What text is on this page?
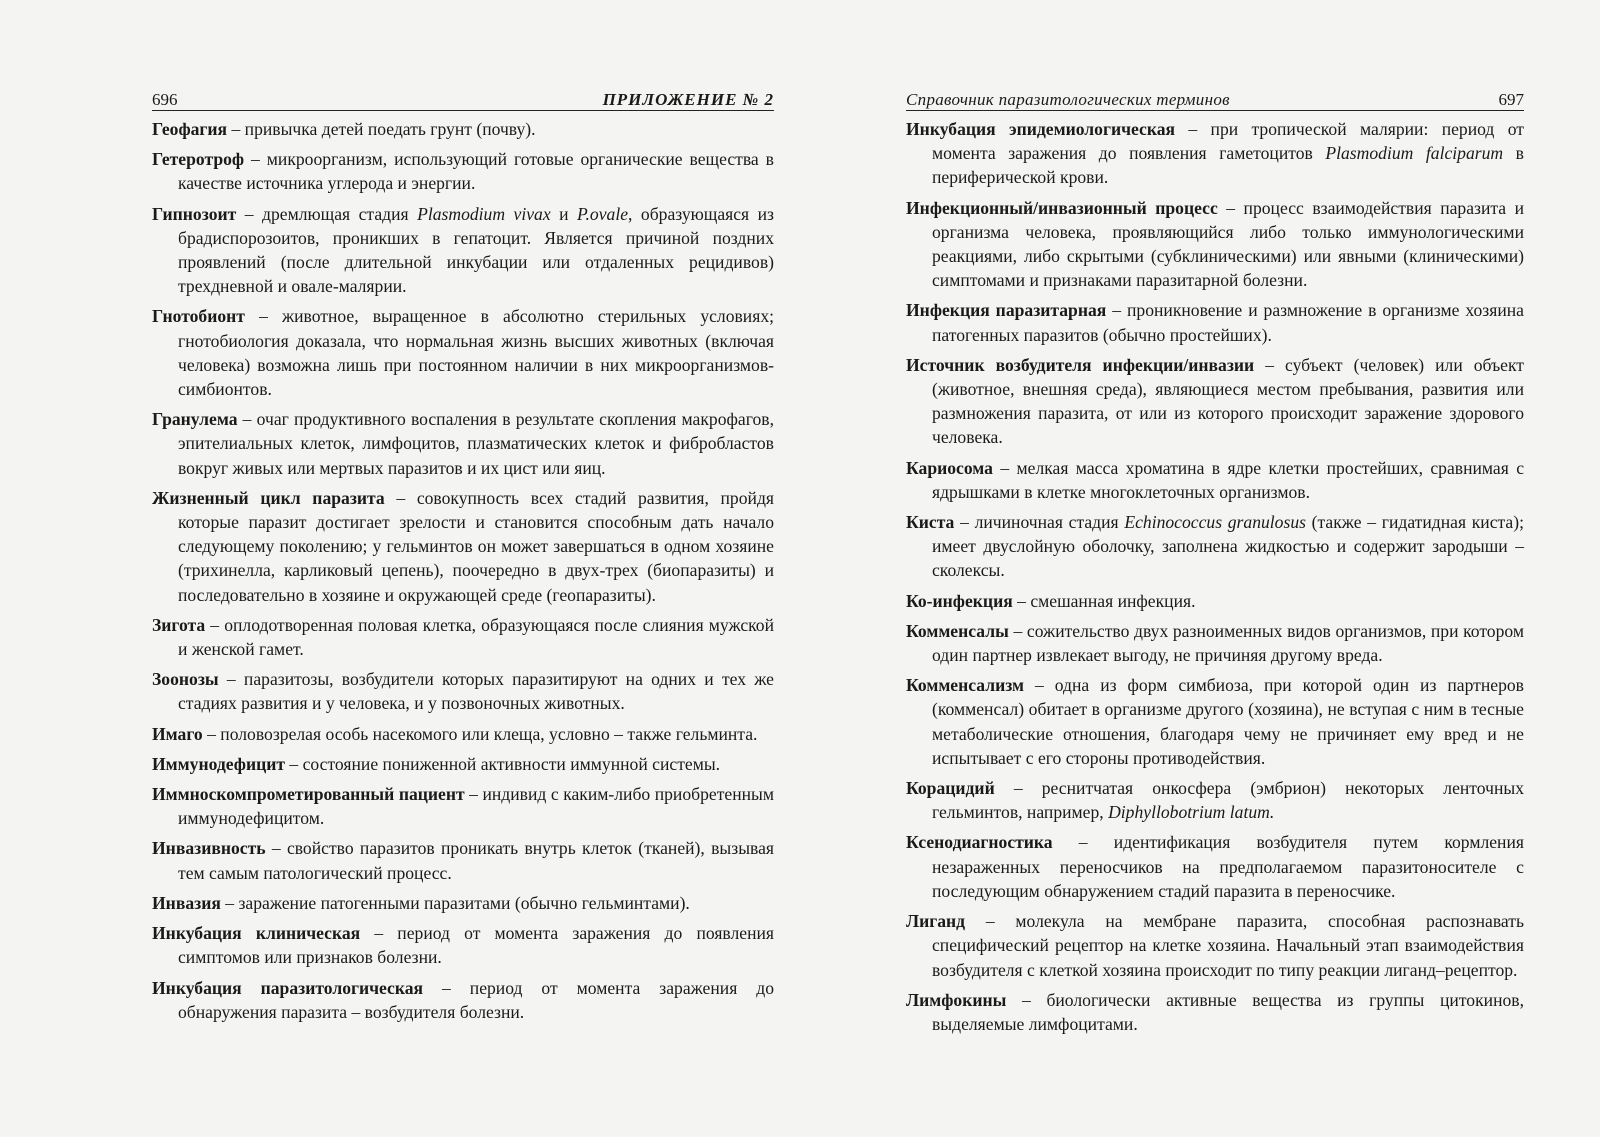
696	ПРИЛОЖЕНИЕ № 2

Геофагия – привычка детей поедать грунт (почву).

Гетеротроф – микроорганизм, использующий готовые органические вещества в качестве источника углерода и энергии.

Гипнозоит – дремлющая стадия Plasmodium vivax и P.ovale, образующаяся из брадиспорозоитов, проникших в гепатоцит. Является причиной поздних проявлений (после длительной инкубации или отдаленных рецидивов) трехдневной и овале-малярии.

Гнотобионт – животное, выращенное в абсолютно стерильных условиях; гнотобиология доказала, что нормальная жизнь высших животных (включая человека) возможна лишь при постоянном наличии в них микроорганизмов-симбионтов.

Гранулема – очаг продуктивного воспаления в результате скопления макрофагов, эпителиальных клеток, лимфоцитов, плазматических клеток и фибробластов вокруг живых или мертвых паразитов и их цист или яиц.

Жизненный цикл паразита – совокупность всех стадий развития, пройдя которые паразит достигает зрелости и становится способным дать начало следующему поколению; у гельминтов он может завершаться в одном хозяине (трихинелла, карликовый цепень), поочередно в двух-трех (биопаразиты) и последовательно в хозяине и окружающей среде (геопаразиты).

Зигота – оплодотворенная половая клетка, образующаяся после слияния мужской и женской гамет.

Зоонозы – паразитозы, возбудители которых паразитируют на одних и тех же стадиях развития и у человека, и у позвоночных животных.

Имаго – половозрелая особь насекомого или клеща, условно – также гельминта.

Иммунодефицит – состояние пониженной активности иммунной системы.

Иммноскомпрометированный пациент – индивид с каким-либо приобретенным иммунодефицитом.

Инвазивность – свойство паразитов проникать внутрь клеток (тканей), вызывая тем самым патологический процесс.

Инвазия – заражение патогенными паразитами (обычно гельминтами).

Инкубация клиническая – период от момента заражения до появления симптомов или признаков болезни.

Инкубация паразитологическая – период от момента заражения до обнаружения паразита – возбудителя болезни.

Справочник паразитологических терминов	697

Инкубация эпидемиологическая – при тропической малярии: период от момента заражения до появления гаметоцитов Plasmodium falciparum в периферической крови.

Инфекционный/инвазионный процесс – процесс взаимодействия паразита и организма человека, проявляющийся либо только иммунологическими реакциями, либо скрытыми (субклиническими) или явными (клиническими) симптомами и признаками паразитарной болезни.

Инфекция паразитарная – проникновение и размножение в организме хозяина патогенных паразитов (обычно простейших).

Источник возбудителя инфекции/инвазии – субъект (человек) или объект (животное, внешняя среда), являющиеся местом пребывания, развития или размножения паразита, от или из которого происходит заражение здорового человека.

Кариосома – мелкая масса хроматина в ядре клетки простейших, сравнимая с ядрышками в клетке многоклеточных организмов.

Киста – личиночная стадия Echinococcus granulosus (также – гидатидная киста); имеет двуслойную оболочку, заполнена жидкостью и содержит зародыши – сколексы.

Ко-инфекция – смешанная инфекция.

Комменсалы – сожительство двух разноименных видов организмов, при котором один партнер извлекает выгоду, не причиняя другому вреда.

Комменсализм – одна из форм симбиоза, при которой один из партнеров (комменсал) обитает в организме другого (хозяина), не вступая с ним в тесные метаболические отношения, благодаря чему не причиняет ему вред и не испытывает с его стороны противодействия.

Корацидий – реснитчатая онкосфера (эмбрион) некоторых ленточных гельминтов, например, Diphyllobotrium latum.

Ксенодиагностика – идентификация возбудителя путем кормления незараженных переносчиков на предполагаемом паразитоносителе с последующим обнаружением стадий паразита в переносчике.

Лиганд – молекула на мембране паразита, способная распознавать специфический рецептор на клетке хозяина. Начальный этап взаимодействия возбудителя с клеткой хозяина происходит по типу реакции лиганд–рецептор.

Лимфокины – биологически активные вещества из группы цитокинов, выделяемые лимфоцитами.
